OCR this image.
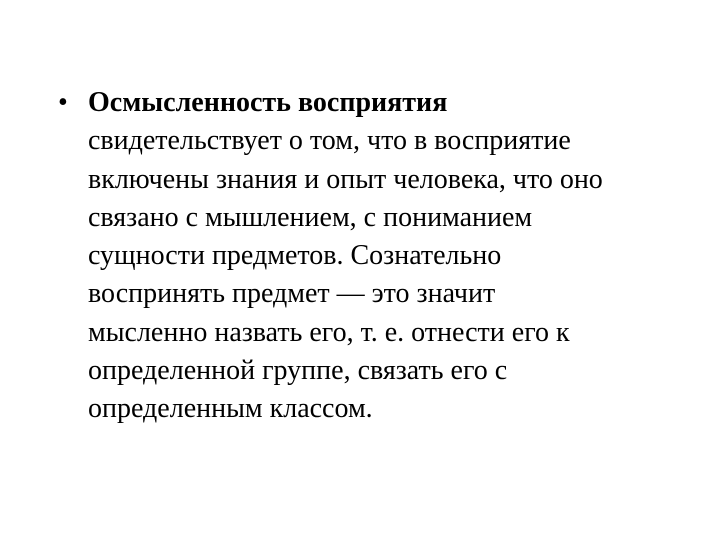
• Осмысленность восприятия
свидетельствует о том, что в восприятие
включены знания и опыт человека, что оно
связано с мышлением, с пониманием
сущности предметов. Сознательно
воспринять предмет — это значит
мысленно назвать его, т. е. отнести его к
определенной группе, связать его с
определенным классом.
